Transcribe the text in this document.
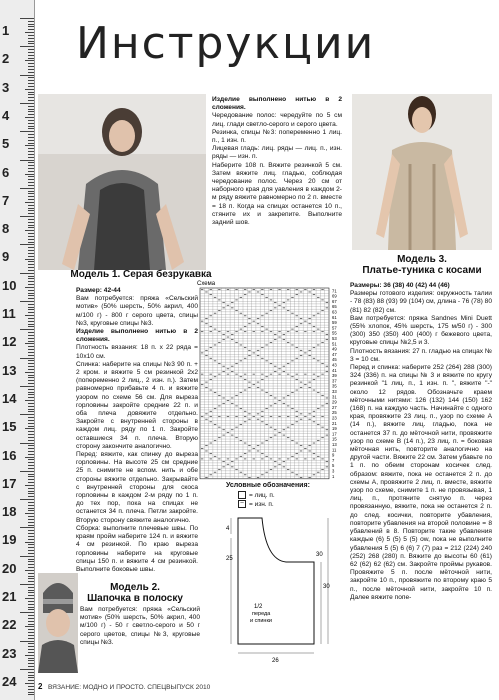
1
2
3
4
5
6
7
8
9
10
11
12
13
14
15
16
17
18
19
20
21
22
23
24
Инструкции
Модель 1. Серая безрукавка

Размер: 42-44

Вам потребуется: пряжа «Сельский мотив» (50% шерсть, 50% акрил, 400 м/100 г) - 800 г серого цвета, спицы №3, круговые спицы №3.

Изделие выполнено нитью в 2 сложения.

Плотность вязания: 18 п. х 22 ряда = 10х10 см.

Спинка: наберите на спицы №3 90 п. + 2 кром. и вяжите 5 см резинкой 2х2 (попеременно 2 лиц., 2 изн. п.). Затем равномерно прибавьте 4 п. и вяжите узором по схеме 56 см. Для выреза горловины закройте средние 22 п. и оба плеча довяжите отдельно. Закройте с внутренней стороны в каждом лиц. ряду по 1 п. Закройте оставшиеся 34 п. плеча. Вторую сторону закончите аналогично.

Перед: вяжите, как спинку до выреза горловины. На высоте 25 см средние 25 п. снимите не вспом. нить и обе стороны вяжите отдельно. Закрывайте с внутренней стороны для скоса горловины в каждом 2-м ряду по 1 п. до тех пор, пока на спицах не останется 34 п. плеча. Петли закройте. Вторую сторону свяжите аналогично.

Сборка: выполните плечевые швы. По краям пройм наберите 124 п. и вяжите 4 см резинкой. По краю выреза горловины наберите на круговые спицы 150 п. и вяжите 4 см резинкой. Выполните боковые швы.

Модель 2.
Шапочка в полоску

Вам потребуется: пряжа «Сельский мотив» (50% шерсть, 50% акрил, 400 м/100 г) - 50 г светло-серого и 50 г серого цветов, спицы №3, круговые спицы №3.

Изделие выполнено нитью в 2 сложения.

Чередование полос: чередуйте по 5 см лиц. глади светло-серого и серого цвета.

Резинка, спицы №3: попеременно 1 лиц. п., 1 изн. п.

Лицевая гладь: лиц. ряды — лиц. п., изн. ряды — изн. п.

Наберите 108 п. Вяжите резинкой 5 см. Затем вяжите лиц. гладью, соблюдая чередование полос. Через 20 см от наборного края для уавления в каждом 2-м ряду вяжите равномерно по 2 п. вместе = 18 п. Когда на спицах останется 10 п., стяните их и закрепите. Выполните задний шов.

Схема
71
69
67
65
63
61
59
57
55
53
51
49
47
45
43
41
39
37
35
33
31
29
27
25
23
21
19
17
15
13
11
9
7
5
3
1
Условные обозначения:
= лиц. п.
– = изн. п.
4
25
30
30
26
1/2
переда
и спинки
Модель 3.
Платье-туника с косами

Размеры: 36 (38) 40 (42) 44 (46)

Размеры готового изделия: окружность талии - 78 (83) 88 (93) 99 (104) см, длина - 76 (78) 80 (81) 82 (82) см.

Вам потребуется: пряжа Sandnes Mini Duett (55% хлопок, 45% шерсть, 175 м/50 г) - 300 (300) 350 (350) 400 (400) г бежевого цвета, круговые спицы №2,5 и 3.

Плотность вязания: 27 п. гладью на спицах № 3 = 10 см.

Перед и спинка: наберите 252 (264) 288 (300) 324 (336) п. на спицы № 3 и вяжите по кругу резинкой "1 лиц. п., 1 изн. п. ", вяжите "-" около 12 рядов. Обозначьте краем мёточными нитями: 126 (132) 144 (150) 162 (168) п. на каждую часть. Начинайте с одного края, провяжите 23 лиц. п., узор по схеме А (14 п.), вяжите лиц. гладью, пока не останется 37 п. до мёточной нити, провяжите узор по схеме В (14 п.), 23 лиц. п. = боковая мёточная нить, повторите аналогично на другой части. Вяжите 22 см. Затем убавьте по 1 п. по обеим сторонам косичек след. образом: вяжите, пока не останется 2 п. до схемы А, провяжите 2 лиц. п. вместе, вяжите узор по схеме, снимите 1 п. не провязывая, 1 лиц. п., протяните снятую п. через провязанную, вяжите, пока не останется 2 п. до след. косички, повторите убавления, повторите убавления на второй половине = 8 убавлений в 8. Повторите такие убавления каждые (6) 5 (5) 5 (5) ow, пока не выполните убавления 5 (5) 6 (6) 7 (7) раз = 212 (224) 240 (252) 268 (280) п. Вяжите до высоты 60 (61) 62 (62) 62 (62) см. Закройте проймы рукавов. Провяжите 5 п. после мёточной нити, закройте 10 п., провяжите по второму краю 5 п., после мёточной нити, закройте 10 п. Далее вяжите попе-

2 ВЯЗАНИЕ: МОДНО И ПРОСТО. СПЕЦВЫПУСК 2010
